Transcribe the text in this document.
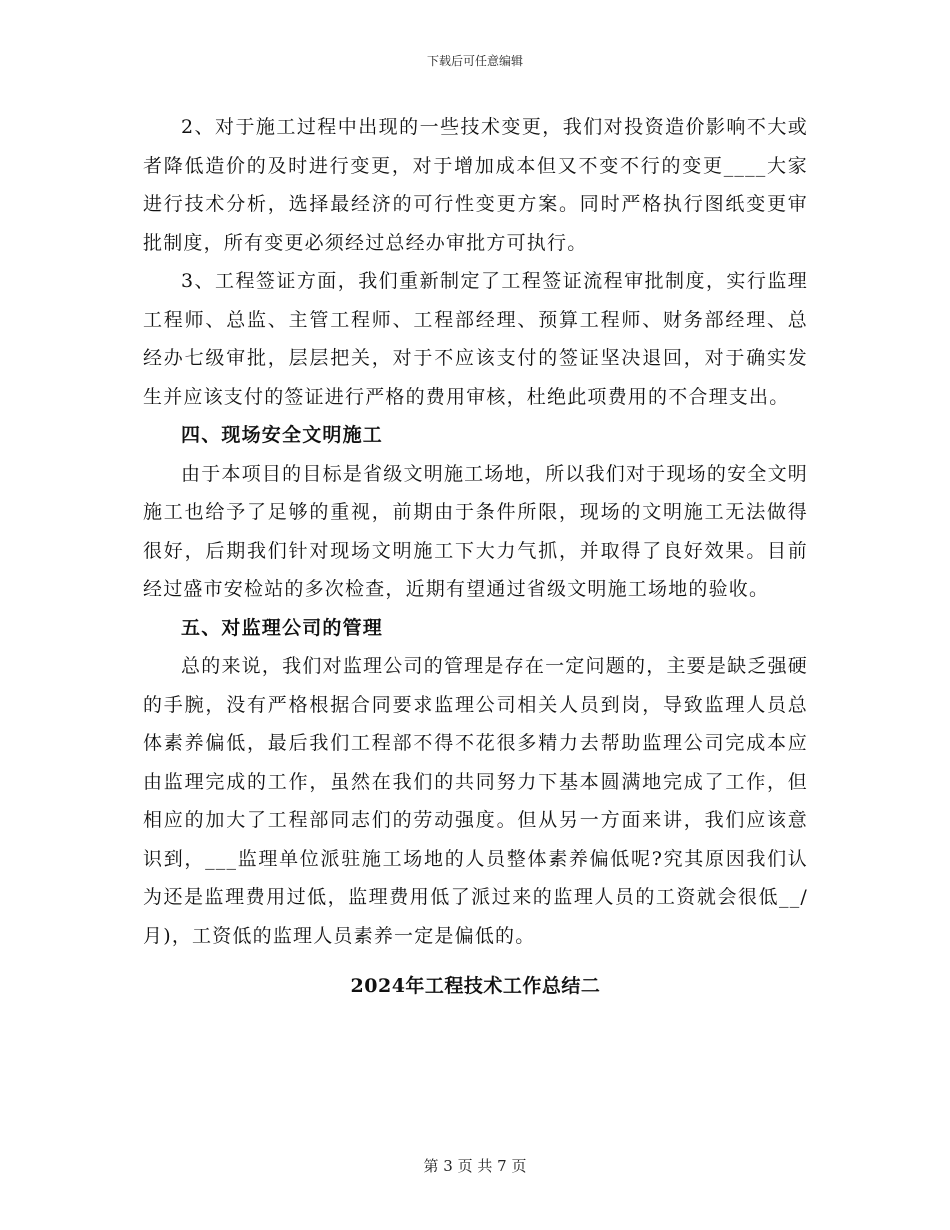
下载后可任意编辑

2、对于施工过程中出现的一些技术变更，我们对投资造价影响不大或者降低造价的及时进行变更，对于增加成本但又不变不行的变更____大家进行技术分析，选择最经济的可行性变更方案。同时严格执行图纸变更审批制度，所有变更必须经过总经办审批方可执行。

3、工程签证方面，我们重新制定了工程签证流程审批制度，实行监理工程师、总监、主管工程师、工程部经理、预算工程师、财务部经理、总经办七级审批，层层把关，对于不应该支付的签证坚决退回，对于确实发生并应该支付的签证进行严格的费用审核，杜绝此项费用的不合理支出。

四、现场安全文明施工

由于本项目的目标是省级文明施工场地，所以我们对于现场的安全文明施工也给予了足够的重视，前期由于条件所限，现场的文明施工无法做得很好，后期我们针对现场文明施工下大力气抓，并取得了良好效果。目前经过盛市安检站的多次检查，近期有望通过省级文明施工场地的验收。

五、对监理公司的管理

总的来说，我们对监理公司的管理是存在一定问题的，主要是缺乏强硬的手腕，没有严格根据合同要求监理公司相关人员到岗，导致监理人员总体素养偏低，最后我们工程部不得不花很多精力去帮助监理公司完成本应由监理完成的工作，虽然在我们的共同努力下基本圆满地完成了工作，但相应的加大了工程部同志们的劳动强度。但从另一方面来讲，我们应该意识到，___监理单位派驻施工场地的人员整体素养偏低呢?究其原因我们认为还是监理费用过低，监理费用低了派过来的监理人员的工资就会很低__/月)，工资低的监理人员素养一定是偏低的。

2024年工程技术工作总结二
第 3 页 共 7 页
